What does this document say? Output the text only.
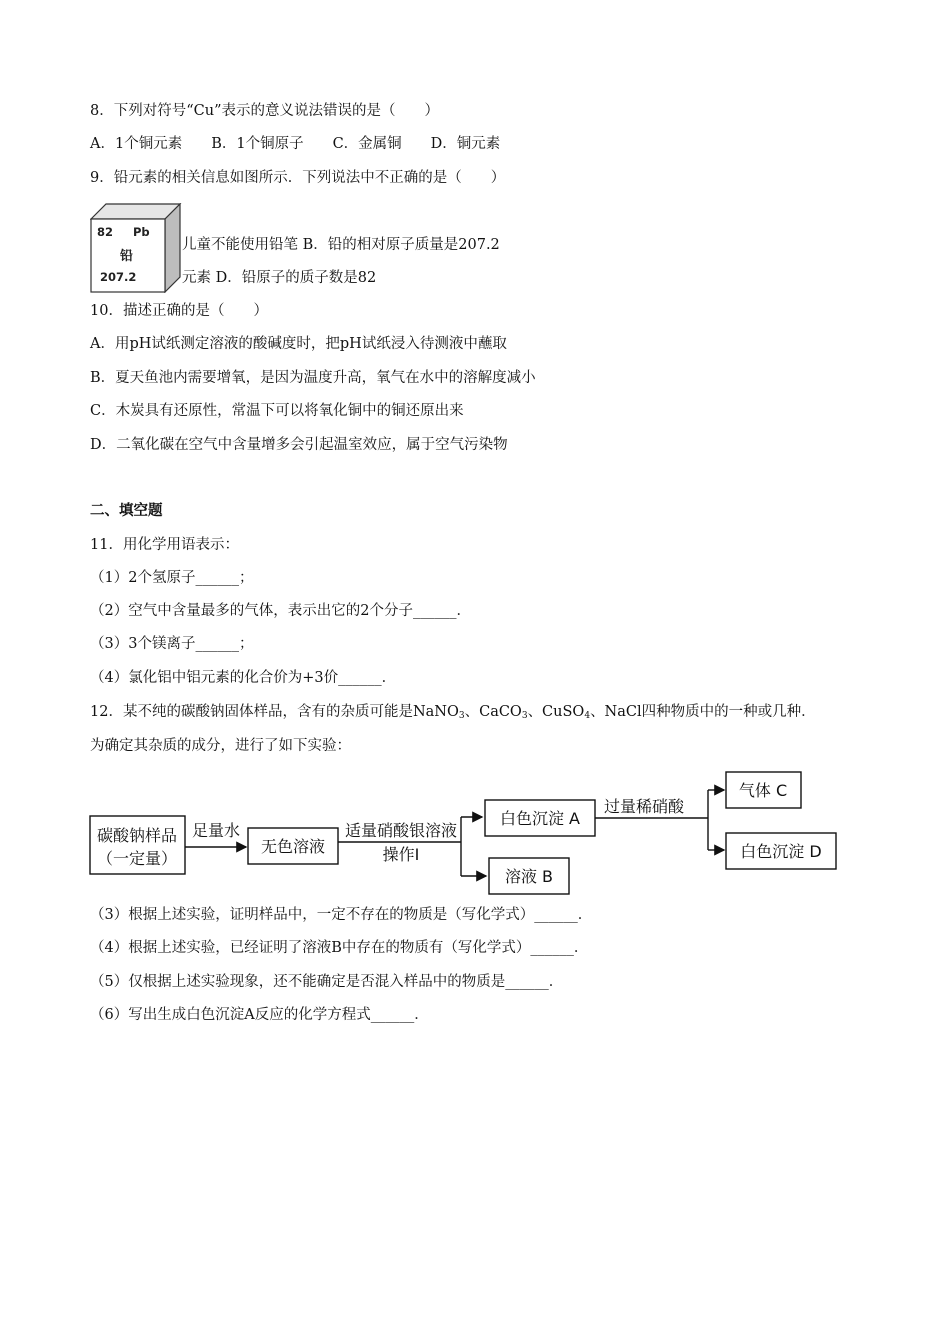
8．下列对符号“Cu”表示的意义说法错误的是（　　）
A．1个铜元素　　B．1个铜原子　　C．金属铜　　D．铜元素
9．铅元素的相关信息如图所示．下列说法中不正确的是（　　）
82 Pb
铅
207.2
儿童不能使用铅笔 B．铅的相对原子质量是207.2
元素 D．铅原子的质子数是82
10．描述正确的是（　　）
A．用pH试纸测定溶液的酸碱度时，把pH试纸浸入待测液中蘸取
B．夏天鱼池内需要增氧，是因为温度升高，氧气在水中的溶解度减小
C．木炭具有还原性，常温下可以将氧化铜中的铜还原出来
D．二氧化碳在空气中含量增多会引起温室效应，属于空气污染物
二、填空题
11．用化学用语表示：
（1）2个氢原子______；
（2）空气中含量最多的气体，表示出它的2个分子______．
（3）3个镁离子______；
（4）氯化铝中铝元素的化合价为+3价______．
12．某不纯的碳酸钠固体样品，含有的杂质可能是NaNO$_3$、CaCO$_3$、CuSO$_4$、NaCl四种物质中的一种或几种．
为确定其杂质的成分，进行了如下实验：
碳酸钠样品
（一定量）
足量水
无色溶液
适量硝酸银溶液
操作I
白色沉淀 A
溶液 B
过量稀硝酸
气体 C
白色沉淀 D
（3）根据上述实验，证明样品中，一定不存在的物质是（写化学式）______．
（4）根据上述实验，已经证明了溶液B中存在的物质有（写化学式）______．
（5）仅根据上述实验现象，还不能确定是否混入样品中的物质是______．
（6）写出生成白色沉淀A反应的化学方程式______．
